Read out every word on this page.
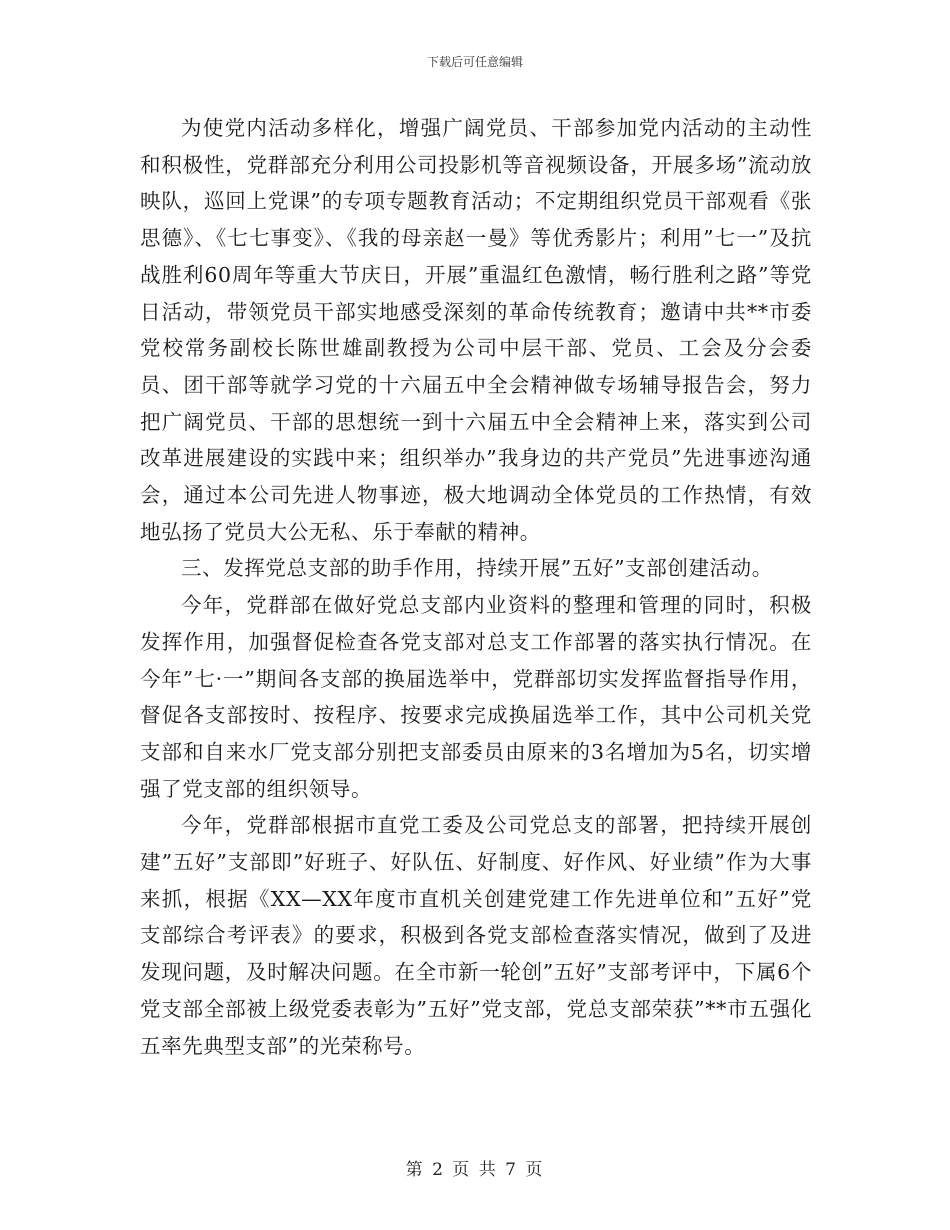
下载后可任意编辑

为使党内活动多样化，增强广阔党员、干部参加党内活动的主动性和积极性，党群部充分利用公司投影机等音视频设备，开展多场”流动放映队，巡回上党课”的专项专题教育活动；不定期组织党员干部观看《张思德》、《七七事变》、《我的母亲赵一曼》等优秀影片；利用”七一”及抗战胜利60周年等重大节庆日，开展”重温红色激情，畅行胜利之路”等党日活动，带领党员干部实地感受深刻的革命传统教育；邀请中共**市委党校常务副校长陈世雄副教授为公司中层干部、党员、工会及分会委员、团干部等就学习党的十六届五中全会精神做专场辅导报告会，努力把广阔党员、干部的思想统一到十六届五中全会精神上来，落实到公司改革进展建设的实践中来；组织举办”我身边的共产党员”先进事迹沟通会，通过本公司先进人物事迹，极大地调动全体党员的工作热情，有效地弘扬了党员大公无私、乐于奉献的精神。

三、发挥党总支部的助手作用，持续开展”五好”支部创建活动。

今年，党群部在做好党总支部内业资料的整理和管理的同时，积极发挥作用，加强督促检查各党支部对总支工作部署的落实执行情况。在今年”七·一”期间各支部的换届选举中，党群部切实发挥监督指导作用，督促各支部按时、按程序、按要求完成换届选举工作，其中公司机关党支部和自来水厂党支部分别把支部委员由原来的3名增加为5名，切实增强了党支部的组织领导。

今年，党群部根据市直党工委及公司党总支的部署，把持续开展创建”五好”支部即”好班子、好队伍、好制度、好作风、好业绩”作为大事来抓，根据《XX—XX年度市直机关创建党建工作先进单位和”五好”党支部综合考评表》的要求，积极到各党支部检查落实情况，做到了及进发现问题，及时解决问题。在全市新一轮创”五好”支部考评中，下属6个党支部全部被上级党委表彰为”五好”党支部，党总支部荣获”**市五强化五率先典型支部”的光荣称号。

第 2 页 共 7 页
